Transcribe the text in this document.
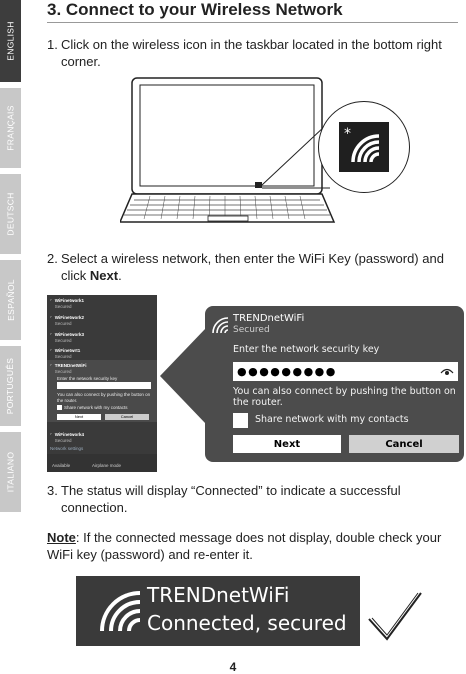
ENGLISH
FRANÇAIS
DEUTSCH
ESPAÑOL
PORTUGUÊS
ITALIANO
3. Connect to your Wireless Network
1. Click on the wireless icon in the taskbar located in the bottom right corner.
*
2. Select a wireless network, then enter the WiFi Key (password) and click Next.
◜ WiFinetwork1
Secured
◜ WiFinetwork2
Secured
◜ WiFinetwork3
Secured
◜ WiFinetwrt1
Secured
◜ TRENDnetWiFi
Secured
Enter the network security key
You can also connect by pushing the button on the router.
Share network with my contacts
Next	Cancel
◜ WiFinetwork4
Secured
Network settings
Available	Airplane mode
TRENDnetWiFi
Secured
Enter the network security key
●●●●●●●●●
You can also connect by pushing the button on the router.
Share network with my contacts
Next	Cancel
3. The status will display “Connected” to indicate a successful connection.
Note: If the connected message does not display, double check your WiFi key (password) and re-enter it.
TRENDnetWiFi
Connected, secured
4
